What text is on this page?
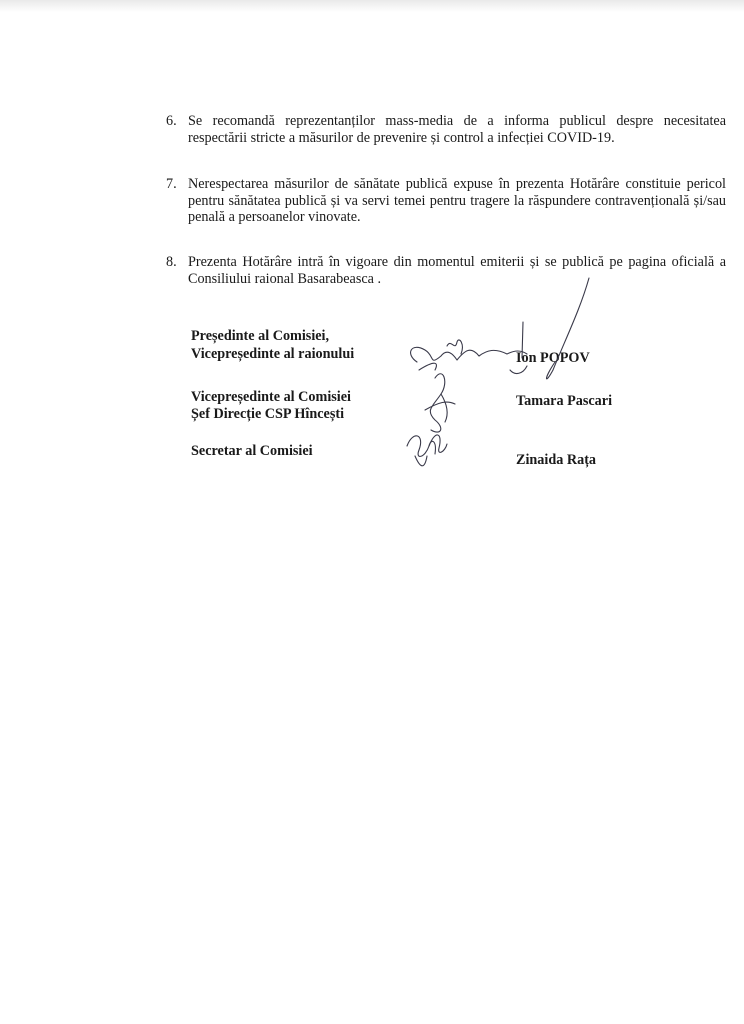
6. Se recomandă reprezentanților mass-media de a informa publicul despre necesitatea respectării stricte a măsurilor de prevenire și control a infecției COVID-19.
7. Nerespectarea măsurilor de sănătate publică expuse în prezenta Hotărâre constituie pericol pentru sănătatea publică și va servi temei pentru tragere la răspundere contravențională și/sau penală a persoanelor vinovate.
8. Prezenta Hotărâre intră în vigoare din momentul emiterii și se publică pe pagina oficială a Consiliului raional Basarabeasca .
Președinte al Comisiei,
Vicepreședinte al raionului	Ion POPOV
Vicepreședinte al Comisiei
Șef Direcție CSP Hîncești
Tamara Pascari
Secretar al Comisiei
Zinaida Rața
